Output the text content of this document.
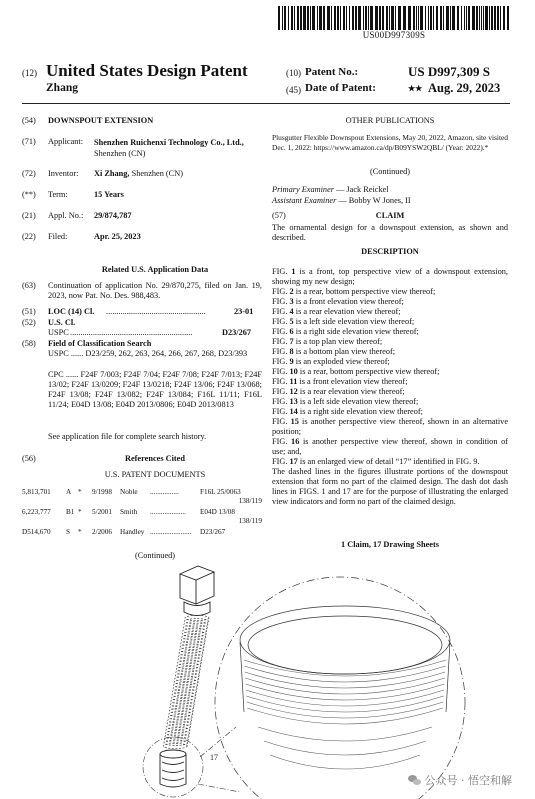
US00D997309S
(12) United States Design Patent
Zhang
(10) Patent No.:	US D997,309 S
(45) Date of Patent:	★★ Aug. 29, 2023
(54) DOWNSPOUT EXTENSION
(71) Applicant: Shenzhen Ruichenxi Technology Co., Ltd., Shenzhen (CN)
(72) Inventor: Xi Zhang, Shenzhen (CN)
(**) Term:	15 Years
(21) Appl. No.: 29/874,787
(22) Filed:	Apr. 25, 2023
Related U.S. Application Data
(63) Continuation of application No. 29/870,275, filed on Jan. 19, 2023, now Pat. No. Des. 988,483.
(51) LOC (14) Cl. ................................................	23-01
(52) U.S. Cl.
USPC ...........................................................	D23/267
(58) Field of Classification Search
USPC ...... D23/259, 262, 263, 264, 266, 267, 268, D23/393
CPC ...... F24F 7/003; F24F 7/04; F24F 7/08; F24F 7/013; F24F 13/02; F24F 13/0209; F24F 13/0218; F24F 13/06; F24F 13/068; F24F 13/08; F24F 13/082; F24F 13/084; F16L 11/11; F16L 11/24; E04D 13/08; E04D 2013/0806; E04D 2013/0813
See application file for complete search history.
(56)	References Cited
U.S. PATENT DOCUMENTS
5,813,701 A * 9/1998 Noble ................	F16L 25/0063
138/119
6,223,777 B1 * 5/2001 Smith ....................	E04D 13/08
138/119
D514,670 S * 2/2006 Handley .......................	D23/267
(Continued)
OTHER PUBLICATIONS
Plusgutter Flexible Downspout Extensions, May 20, 2022, Amazon, site visited Dec. 1, 2022: https://www.amazon.ca/dp/B09YSW2QBL/ (Year: 2022).*
(Continued)
Primary Examiner — Jack Reickel
Assistant Examiner — Bobby W Jones, II
(57)	CLAIM
The ornamental design for a downspout extension, as shown and described.
DESCRIPTION

FIG. 1 is a front, top perspective view of a downspout extension, showing my new design;

FIG. 2 is a rear, bottom perspective view thereof;

FIG. 3 is a front elevation view thereof;

FIG. 4 is a rear elevation view thereof;

FIG. 5 is a left side elevation view thereof;

FIG. 6 is a right side elevation view thereof;

FIG. 7 is a top plan view thereof;

FIG. 8 is a bottom plan view thereof;

FIG. 9 is an exploded view thereof;

FIG. 10 is a rear, bottom perspective view thereof;

FIG. 11 is a front elevation view thereof;

FIG. 12 is a rear elevation view thereof;

FIG. 13 is a left side elevation view thereof;

FIG. 14 is a right side elevation view thereof;

FIG. 15 is another perspective view thereof, shown in an alternative position;

FIG. 16 is another perspective view thereof, shown in condition of use; and,

FIG. 17 is an enlarged view of detail “17” identified in FIG. 9.

The dashed lines in the figures illustrate portions of the downspout extension that form no part of the claimed design. The dash dot dash lines in FIGS. 1 and 17 are for the purpose of illustrating the enlarged view indicators and form no part of the claimed design.
1 Claim, 17 Drawing Sheets
17
公众号 · 悟空和解
